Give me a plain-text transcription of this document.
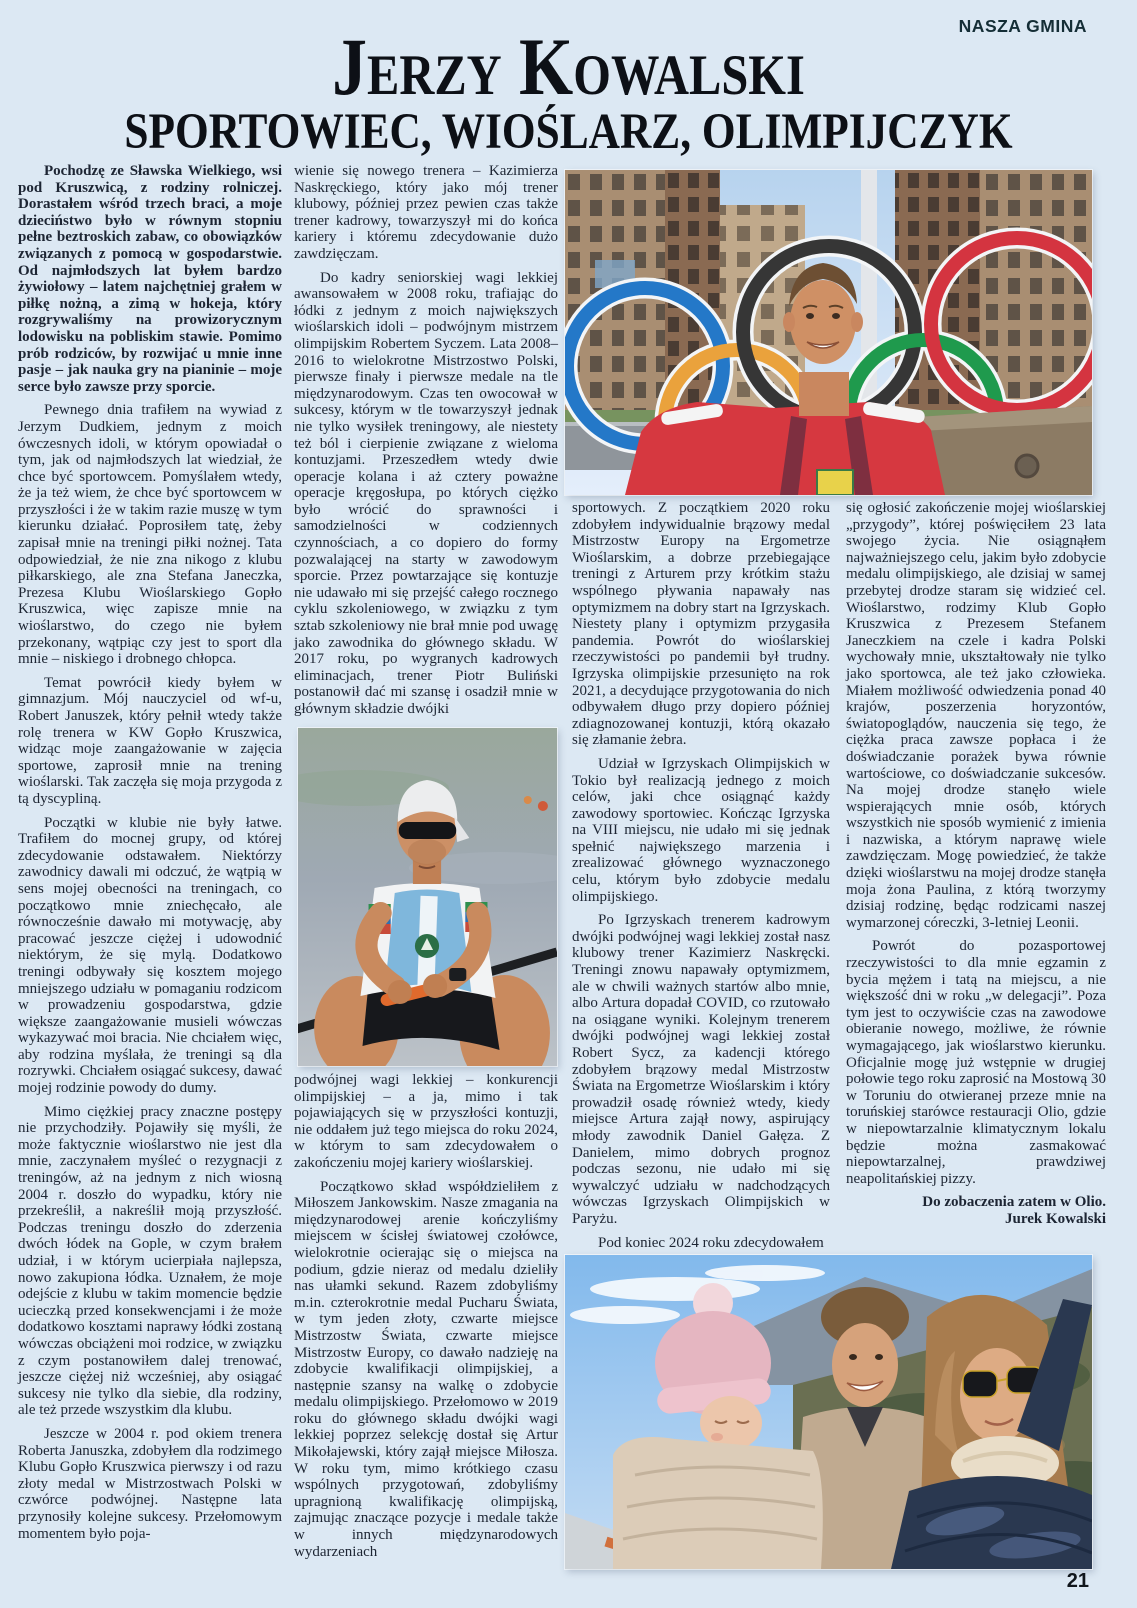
NASZA GMINA
Jerzy Kowalski
SPORTOWIEC, WIOŚLARZ, OLIMPIJCZYK

Pochodzę ze Sławska Wielkiego, wsi pod Kruszwicą, z rodziny rolniczej. Dorastałem wśród trzech braci, a moje dzieciństwo było w równym stopniu pełne beztroskich zabaw, co obowiązków związanych z pomocą w gospodarstwie. Od najmłodszych lat byłem bardzo żywiołowy – latem najchętniej grałem w piłkę nożną, a zimą w hokeja, który rozgrywaliśmy na prowizorycznym lodowisku na pobliskim stawie. Pomimo prób rodziców, by rozwijać u mnie inne pasje – jak nauka gry na pianinie – moje serce było zawsze przy sporcie.

Pewnego dnia trafiłem na wywiad z Jerzym Dudkiem, jednym z moich ówczesnych idoli, w którym opowiadał o tym, jak od najmłodszych lat wiedział, że chce być sportowcem. Pomyślałem wtedy, że ja też wiem, że chce być sportowcem w przyszłości i że w takim razie muszę w tym kierunku działać. Poprosiłem tatę, żeby zapisał mnie na treningi piłki nożnej. Tata odpowiedział, że nie zna nikogo z klubu piłkarskiego, ale zna Stefana Janeczka, Prezesa Klubu Wioślarskiego Gopło Kruszwica, więc zapisze mnie na wioślarstwo, do czego nie byłem przekonany, wątpiąc czy jest to sport dla mnie – niskiego i drobnego chłopca.

Temat powrócił kiedy byłem w gimnazjum. Mój nauczyciel od wf-u, Robert Januszek, który pełnił wtedy także rolę trenera w KW Gopło Kruszwica, widząc moje zaangażowanie w zajęcia sportowe, zaprosił mnie na trening wioślarski. Tak zaczęła się moja przygoda z tą dyscypliną.

Początki w klubie nie były łatwe. Trafiłem do mocnej grupy, od której zdecydowanie odstawałem. Niektórzy zawodnicy dawali mi odczuć, że wątpią w sens mojej obecności na treningach, co początkowo mnie zniechęcało, ale równocześnie dawało mi motywację, aby pracować jeszcze ciężej i udowodnić niektórym, że się mylą. Dodatkowo treningi odbywały się kosztem mojego mniejszego udziału w pomaganiu rodzicom w prowadzeniu gospodarstwa, gdzie większe zaangażowanie musieli wówczas wykazywać moi bracia. Nie chciałem więc, aby rodzina myślała, że treningi są dla rozrywki. Chciałem osiągać sukcesy, dawać mojej rodzinie powody do dumy.

Mimo ciężkiej pracy znaczne postępy nie przychodziły. Pojawiły się myśli, że może faktycznie wioślarstwo nie jest dla mnie, zaczynałem myśleć o rezygnacji z treningów, aż na jednym z nich wiosną 2004 r. doszło do wypadku, który nie przekreślił, a nakreślił moją przyszłość. Podczas treningu doszło do zderzenia dwóch łódek na Gople, w czym brałem udział, i w którym ucierpiała najlepsza, nowo zakupiona łódka. Uznałem, że moje odejście z klubu w takim momencie będzie ucieczką przed konsekwencjami i że może dodatkowo kosztami naprawy łódki zostaną wówczas obciążeni moi rodzice, w związku z czym postanowiłem dalej trenować, jeszcze ciężej niż wcześniej, aby osiągać sukcesy nie tylko dla siebie, dla rodziny, ale też przede wszystkim dla klubu.

Jeszcze w 2004 r. pod okiem trenera Roberta Januszka, zdobyłem dla rodzimego Klubu Gopło Kruszwica pierwszy i od razu złoty medal w Mistrzostwach Polski w czwórce podwójnej. Następne lata przynosiły kolejne sukcesy. Przełomowym momentem było poja-

wienie się nowego trenera – Kazimierza Naskręckiego, który jako mój trener klubowy, później przez pewien czas także trener kadrowy, towarzyszył mi do końca kariery i któremu zdecydowanie dużo zawdzięczam.

Do kadry seniorskiej wagi lekkiej awansowałem w 2008 roku, trafiając do łódki z jednym z moich największych wioślarskich idoli – podwójnym mistrzem olimpijskim Robertem Syczem. Lata 2008–2016 to wielokrotne Mistrzostwo Polski, pierwsze finały i pierwsze medale na tle międzynarodowym. Czas ten owocował w sukcesy, którym w tle towarzyszył jednak nie tylko wysiłek treningowy, ale niestety też ból i cierpienie związane z wieloma kontuzjami. Przeszedłem wtedy dwie operacje kolana i aż cztery poważne operacje kręgosłupa, po których ciężko było wrócić do sprawności i samodzielności w codziennych czynnościach, a co dopiero do formy pozwalającej na starty w zawodowym sporcie. Przez powtarzające się kontuzje nie udawało mi się przejść całego rocznego cyklu szkoleniowego, w związku z tym sztab szkoleniowy nie brał mnie pod uwagę jako zawodnika do głównego składu. W 2017 roku, po wygranych kadrowych eliminacjach, trener Piotr Buliński postanowił dać mi szansę i osadził mnie w głównym składzie dwójki

podwójnej wagi lekkiej – konkurencji olimpijskiej – a ja, mimo i tak pojawiających się w przyszłości kontuzji, nie oddałem już tego miejsca do roku 2024, w którym to sam zdecydowałem o zakończeniu mojej kariery wioślarskiej.

Początkowo skład współdzieliłem z Miłoszem Jankowskim. Nasze zmagania na międzynarodowej arenie kończyliśmy miejscem w ścisłej światowej czołówce, wielokrotnie ocierając się o miejsca na podium, gdzie nieraz od medalu dzieliły nas ułamki sekund. Razem zdobyliśmy m.in. czterokrotnie medal Pucharu Świata, w tym jeden złoty, czwarte miejsce Mistrzostw Świata, czwarte miejsce Mistrzostw Europy, co dawało nadzieję na zdobycie kwalifikacji olimpijskiej, a następnie szansy na walkę o zdobycie medalu olimpijskiego. Przełomowo w 2019 roku do głównego składu dwójki wagi lekkiej poprzez selekcję dostał się Artur Mikołajewski, który zajął miejsce Miłosza. W roku tym, mimo krótkiego czasu wspólnych przygotowań, zdobyliśmy upragnioną kwalifikację olimpijską, zajmując znaczące pozycje i medale także w innych międzynarodowych wydarzeniach

sportowych. Z początkiem 2020 roku zdobyłem indywidualnie brązowy medal Mistrzostw Europy na Ergometrze Wioślarskim, a dobrze przebiegające treningi z Arturem przy krótkim stażu wspólnego pływania napawały nas optymizmem na dobry start na Igrzyskach. Niestety plany i optymizm przygasiła pandemia. Powrót do wioślarskiej rzeczywistości po pandemii był trudny. Igrzyska olimpijskie przesunięto na rok 2021, a decydujące przygotowania do nich odbywałem długo przy dopiero później zdiagnozowanej kontuzji, którą okazało się złamanie żebra.

Udział w Igrzyskach Olimpijskich w Tokio był realizacją jednego z moich celów, jaki chce osiągnąć każdy zawodowy sportowiec. Kończąc Igrzyska na VIII miejscu, nie udało mi się jednak spełnić największego marzenia i zrealizować głównego wyznaczonego celu, którym było zdobycie medalu olimpijskiego.

Po Igrzyskach trenerem kadrowym dwójki podwójnej wagi lekkiej został nasz klubowy trener Kazimierz Naskręcki. Treningi znowu napawały optymizmem, ale w chwili ważnych startów albo mnie, albo Artura dopadał COVID, co rzutowało na osiągane wyniki. Kolejnym trenerem dwójki podwójnej wagi lekkiej został Robert Sycz, za kadencji którego zdobyłem brązowy medal Mistrzostw Świata na Ergometrze Wioślarskim i który prowadził osadę również wtedy, kiedy miejsce Artura zajął nowy, aspirujący młody zawodnik Daniel Gałęza. Z Danielem, mimo dobrych prognoz podczas sezonu, nie udało mi się wywalczyć udziału w nadchodzących wówczas Igrzyskach Olimpijskich w Paryżu.

Pod koniec 2024 roku zdecydowałem

się ogłosić zakończenie mojej wioślarskiej „przygody”, której poświęciłem 23 lata swojego życia. Nie osiągnąłem najważniejszego celu, jakim było zdobycie medalu olimpijskiego, ale dzisiaj w samej przebytej drodze staram się widzieć cel. Wioślarstwo, rodzimy Klub Gopło Kruszwica z Prezesem Stefanem Janeczkiem na czele i kadra Polski wychowały mnie, ukształtowały nie tylko jako sportowca, ale też jako człowieka. Miałem możliwość odwiedzenia ponad 40 krajów, poszerzenia horyzontów, światopoglądów, nauczenia się tego, że ciężka praca zawsze popłaca i że doświadczanie porażek bywa równie wartościowe, co doświadczanie sukcesów. Na mojej drodze stanęło wiele wspierających mnie osób, których wszystkich nie sposób wymienić z imienia i nazwiska, a którym naprawę wiele zawdzięczam. Mogę powiedzieć, że także dzięki wioślarstwu na mojej drodze stanęła moja żona Paulina, z którą tworzymy dzisiaj rodzinę, będąc rodzicami naszej wymarzonej córeczki, 3-letniej Leonii.

Powrót do pozasportowej rzeczywistości to dla mnie egzamin z bycia mężem i tatą na miejscu, a nie większość dni w roku „w delegacji”. Poza tym jest to oczywiście czas na zawodowe obieranie nowego, możliwe, że równie wymagającego, jak wioślarstwo kierunku. Oficjalnie mogę już wstępnie w drugiej połowie tego roku zaprosić na Mostową 30 w Toruniu do otwieranej przeze mnie na toruńskiej starówce restauracji Olio, gdzie w niepowtarzalnie klimatycznym lokalu będzie można zasmakować niepowtarzalnej, prawdziwej neapolitańskiej pizzy.

Do zobaczenia zatem w Olio.

Jurek Kowalski

21
